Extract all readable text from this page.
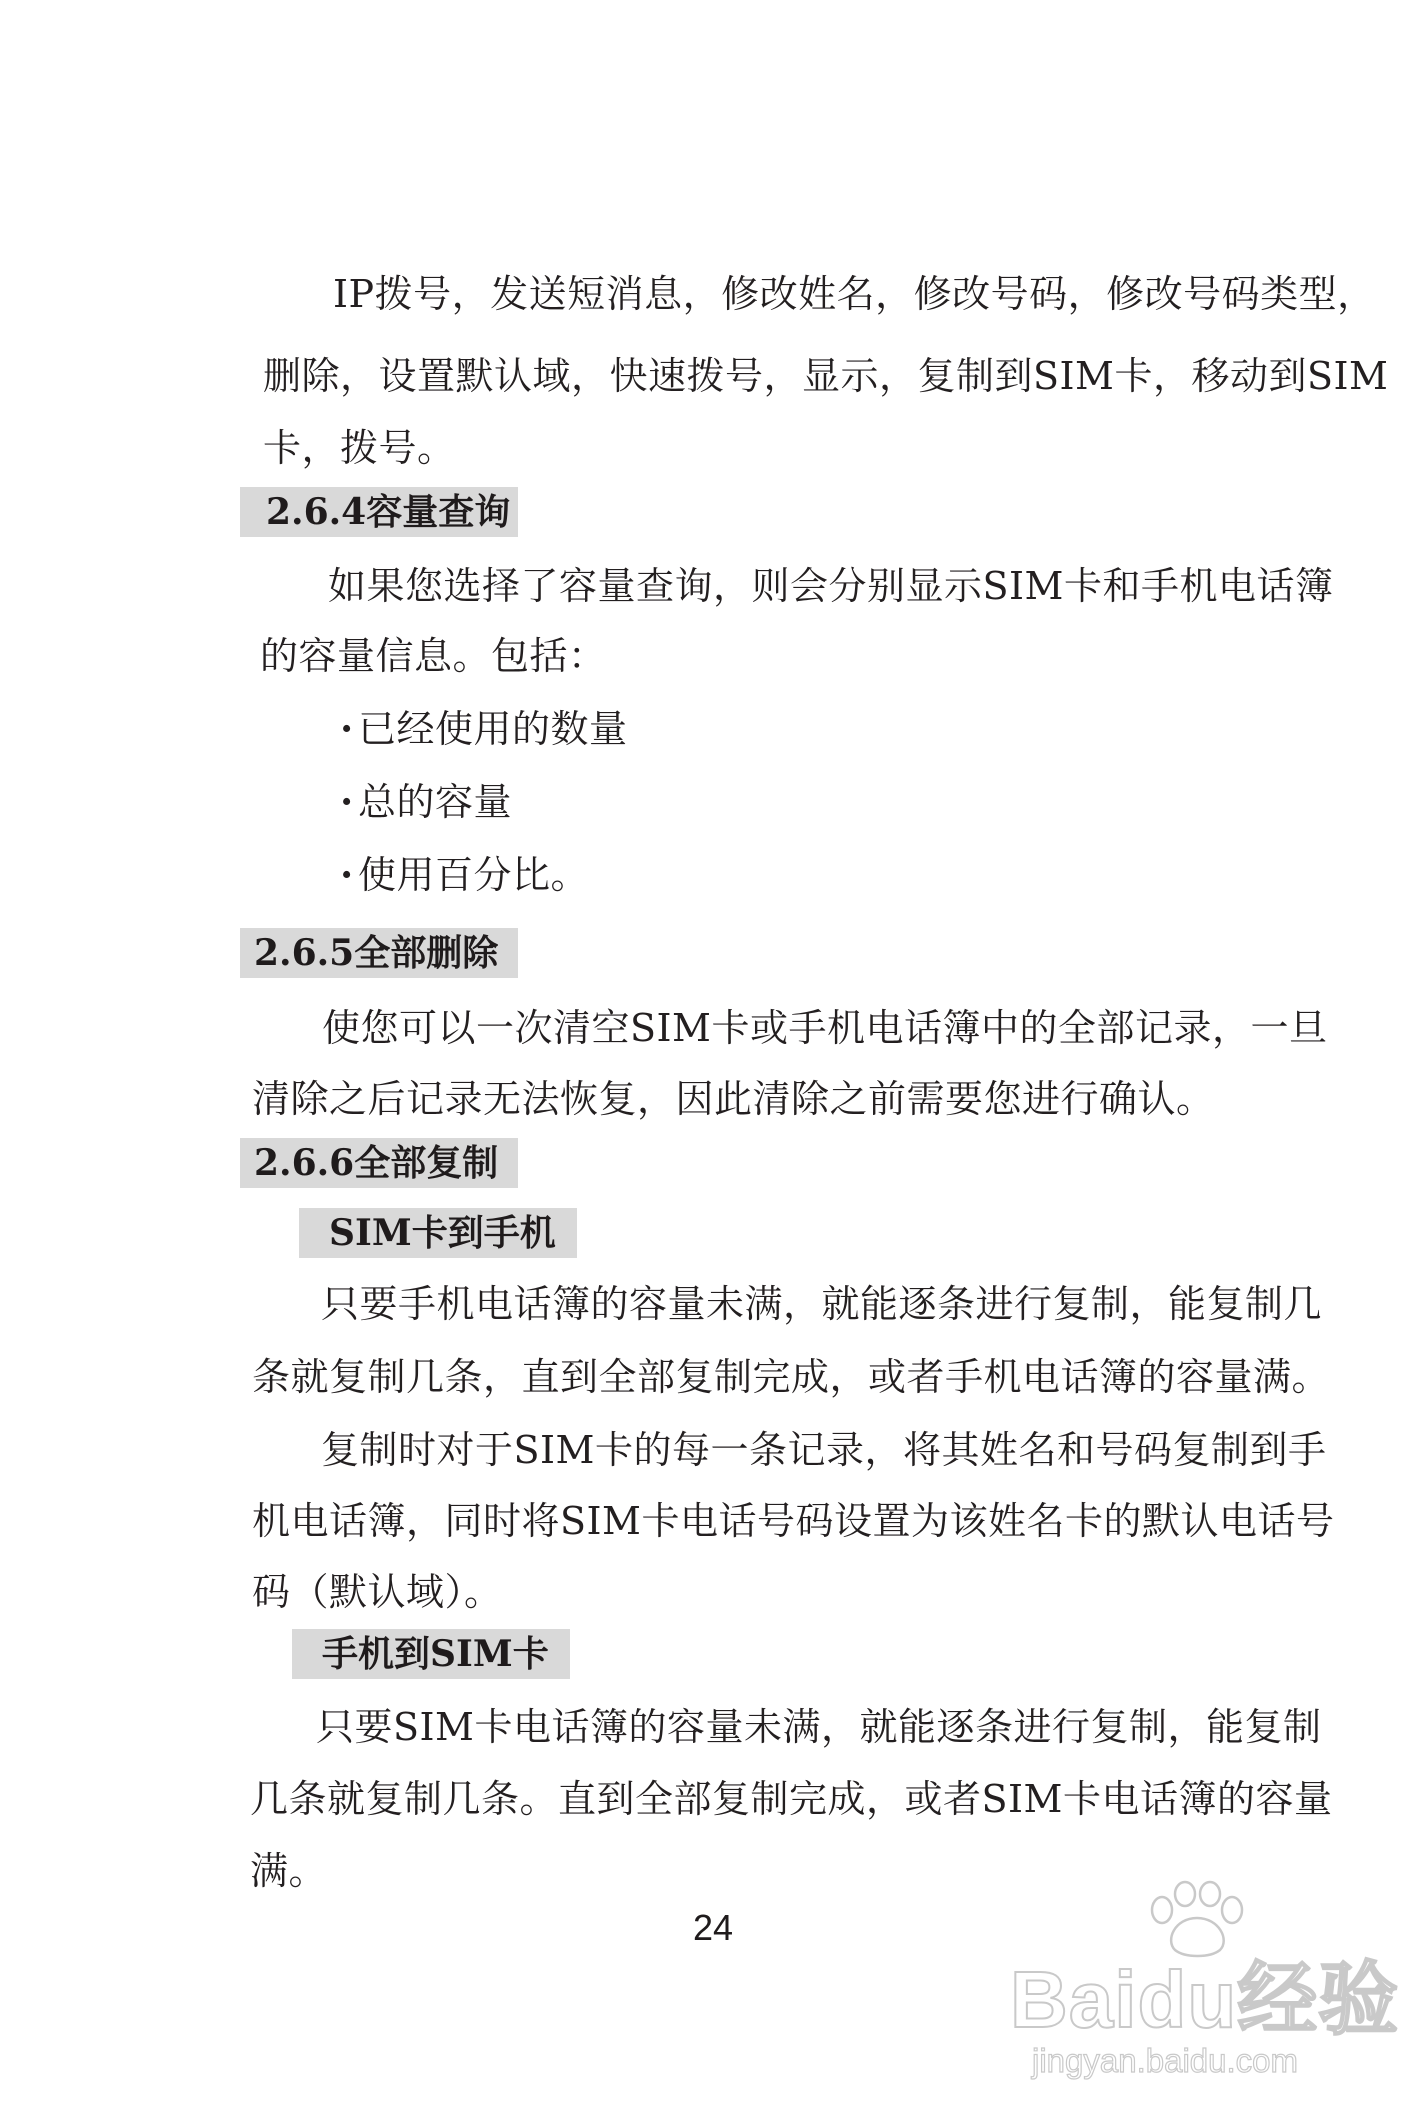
IP拨号，发送短消息，修改姓名，修改号码，修改号码类型，
删除，设置默认域，快速拨号，显示，复制到SIM卡，移动到SIM
卡，拨号。
2.6.4容量查询
如果您选择了容量查询，则会分别显示SIM卡和手机电话簿
的容量信息。包括：
· 已经使用的数量
· 总的容量
· 使用百分比。
2.6.5全部删除
使您可以一次清空SIM卡或手机电话簿中的全部记录，一旦
清除之后记录无法恢复，因此清除之前需要您进行确认。
2.6.6全部复制
SIM卡到手机
只要手机电话簿的容量未满，就能逐条进行复制，能复制几
条就复制几条，直到全部复制完成，或者手机电话簿的容量满。
复制时对于SIM卡的每一条记录，将其姓名和号码复制到手
机电话簿，同时将SIM卡电话号码设置为该姓名卡的默认电话号
码（默认域）。
手机到SIM卡
只要SIM卡电话簿的容量未满，就能逐条进行复制，能复制
几条就复制几条。直到全部复制完成，或者SIM卡电话簿的容量
满。
24
Baidu经验
jingyan.baidu.com
